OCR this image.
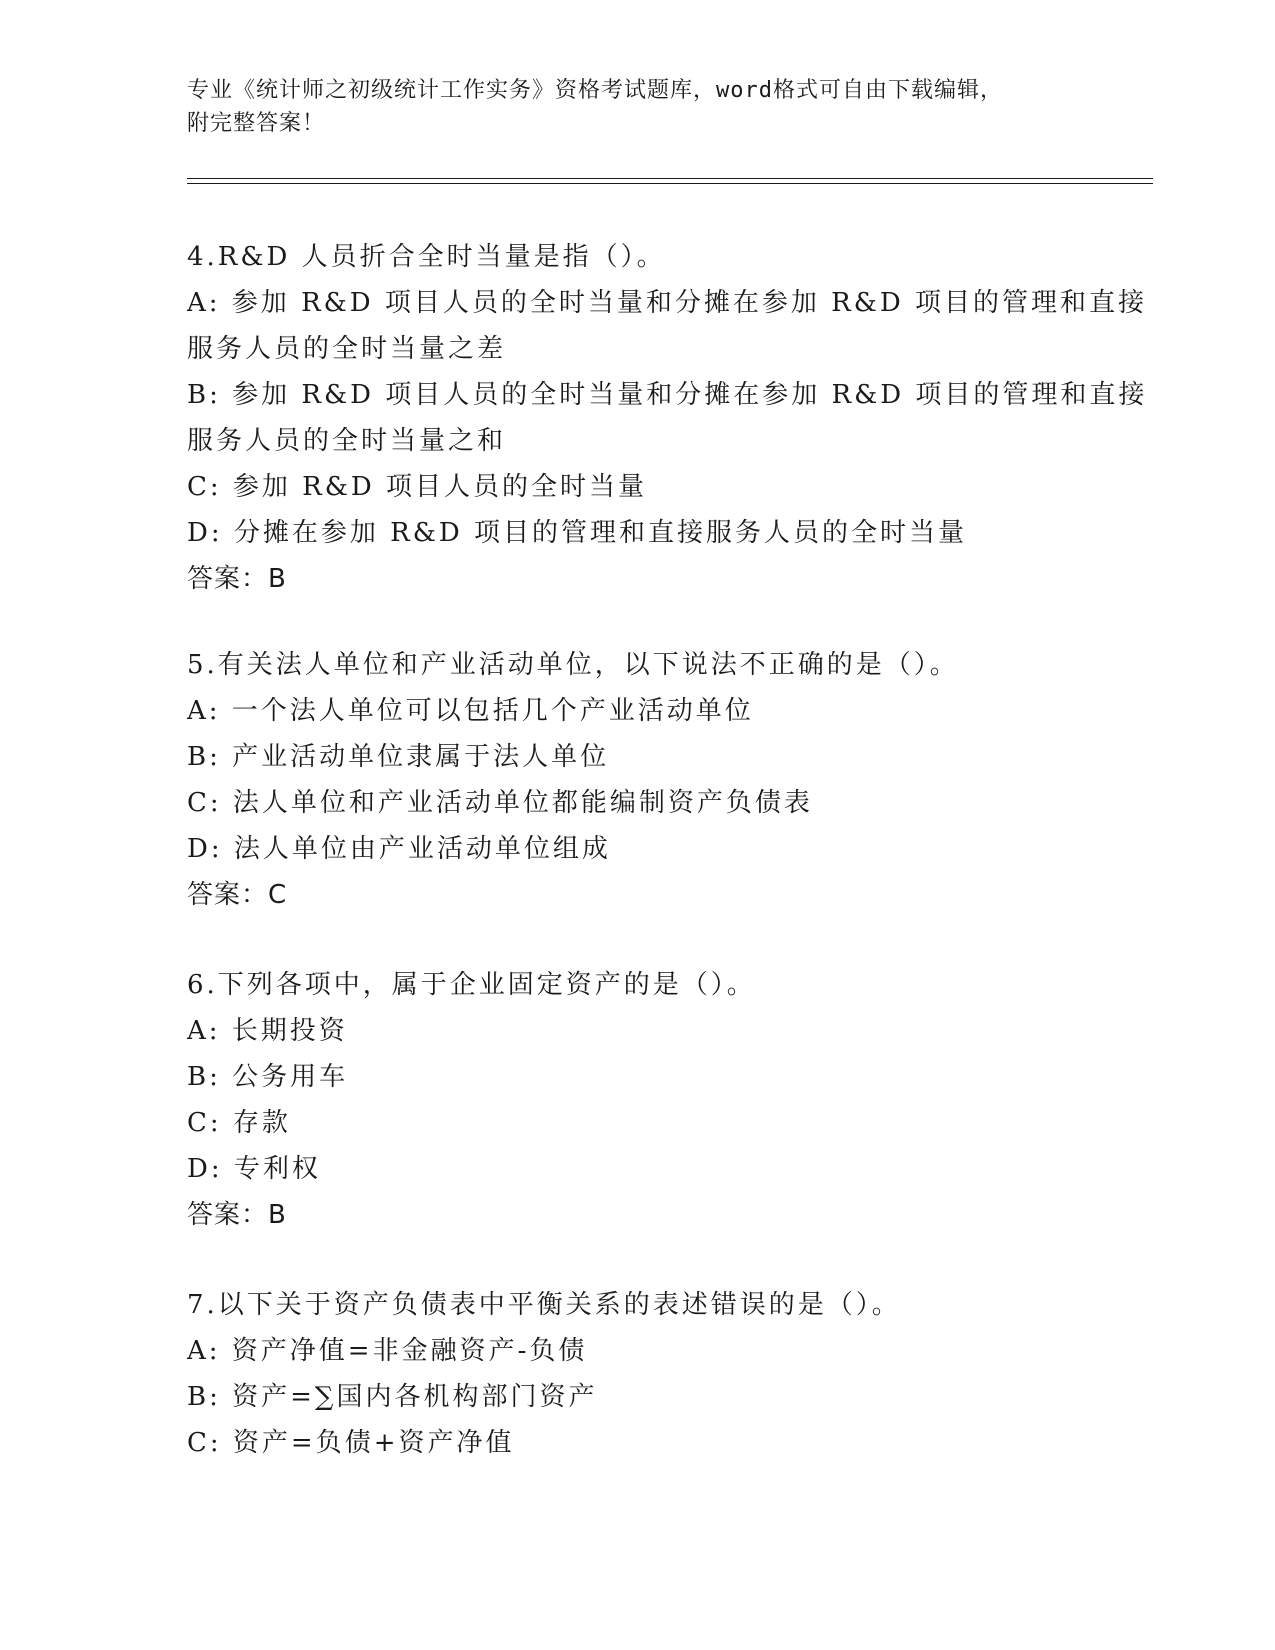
专业《统计师之初级统计工作实务》资格考试题库，word格式可自由下载编辑，
附完整答案！
4.R&D 人员折合全时当量是指（）。
A: 参加 R&D 项目人员的全时当量和分摊在参加 R&D 项目的管理和直接
服务人员的全时当量之差
B: 参加 R&D 项目人员的全时当量和分摊在参加 R&D 项目的管理和直接
服务人员的全时当量之和
C: 参加 R&D 项目人员的全时当量
D: 分摊在参加 R&D 项目的管理和直接服务人员的全时当量
答案：B
5.有关法人单位和产业活动单位，以下说法不正确的是（）。
A: 一个法人单位可以包括几个产业活动单位
B: 产业活动单位隶属于法人单位
C: 法人单位和产业活动单位都能编制资产负债表
D: 法人单位由产业活动单位组成
答案：C
6.下列各项中，属于企业固定资产的是（）。
A: 长期投资
B: 公务用车
C: 存款
D: 专利权
答案：B
7.以下关于资产负债表中平衡关系的表述错误的是（）。
A: 资产净值=非金融资产-负债
B: 资产=∑国内各机构部门资产
C: 资产=负债+资产净值
